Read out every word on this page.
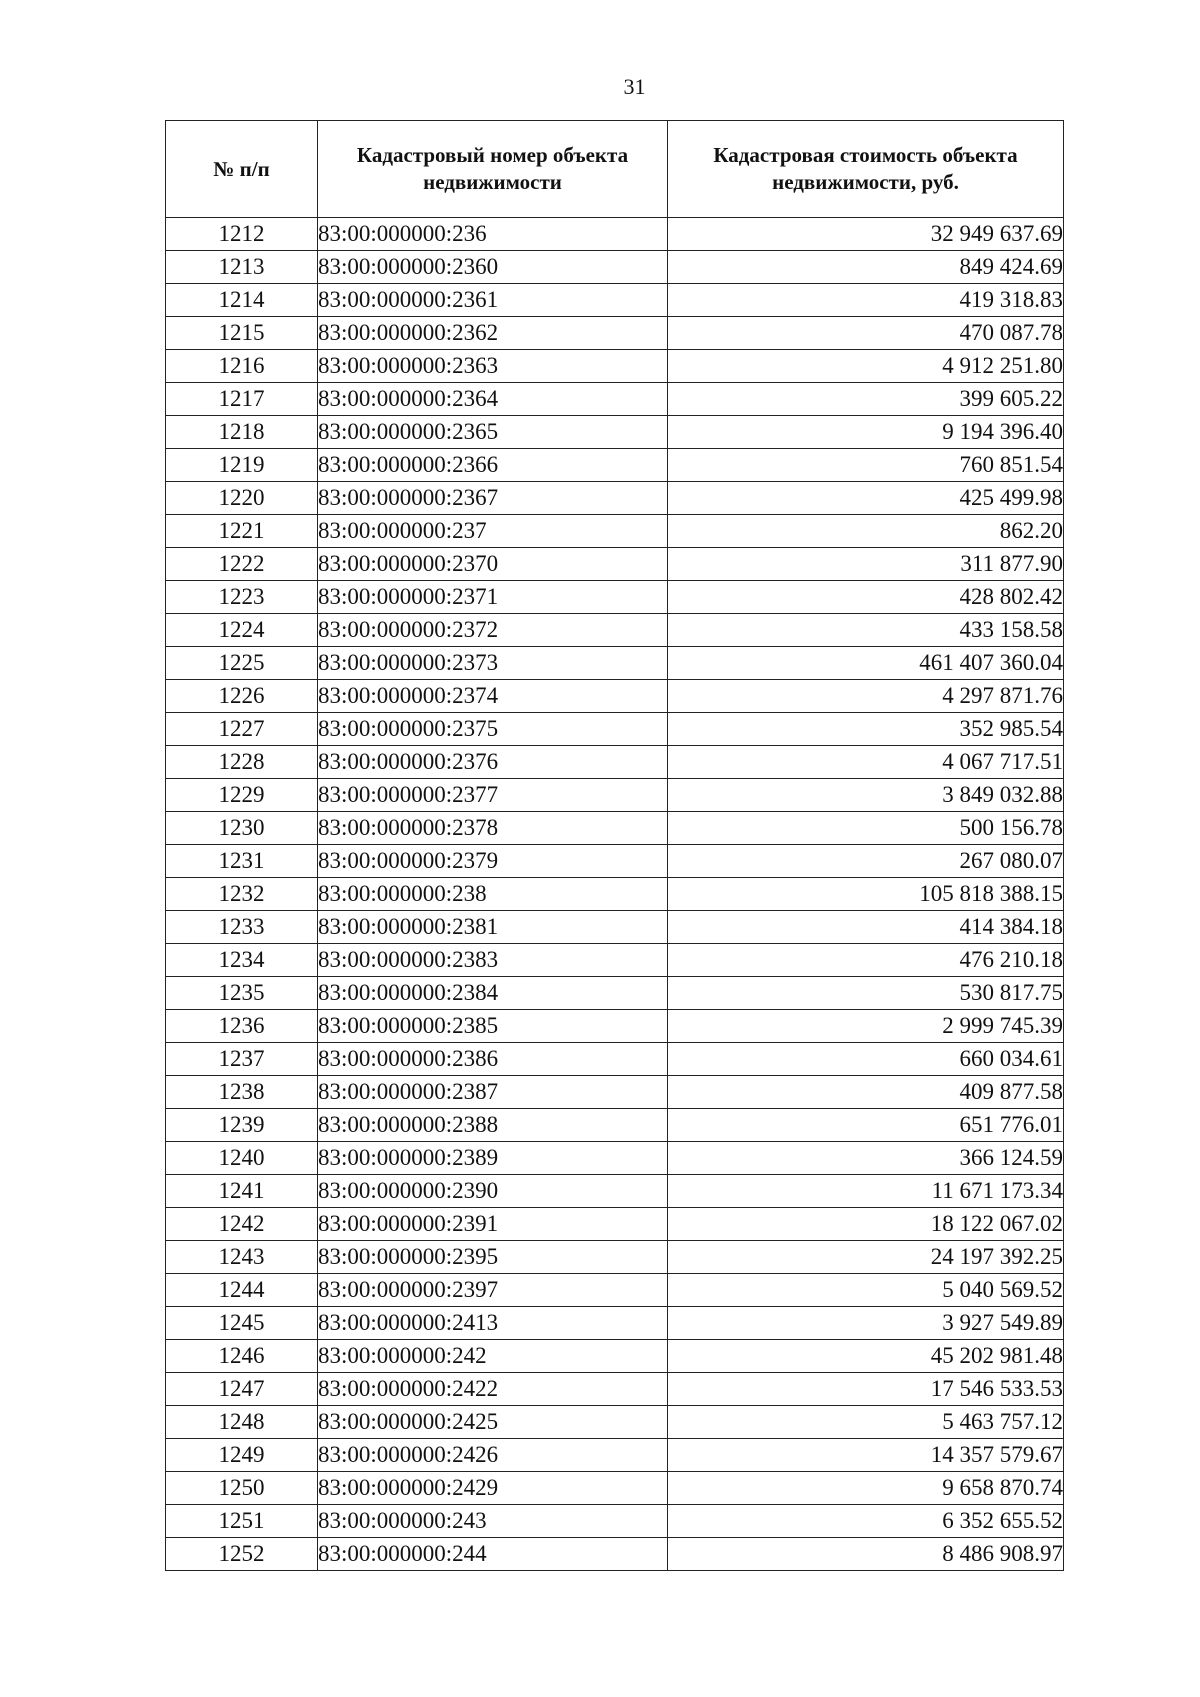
31
№ п/п	Кадастровый номер объекта недвижимости	Кадастровая стоимость объекта недвижимости, руб.
1212	83:00:000000:236	32 949 637.69
1213	83:00:000000:2360	849 424.69
1214	83:00:000000:2361	419 318.83
1215	83:00:000000:2362	470 087.78
1216	83:00:000000:2363	4 912 251.80
1217	83:00:000000:2364	399 605.22
1218	83:00:000000:2365	9 194 396.40
1219	83:00:000000:2366	760 851.54
1220	83:00:000000:2367	425 499.98
1221	83:00:000000:237	862.20
1222	83:00:000000:2370	311 877.90
1223	83:00:000000:2371	428 802.42
1224	83:00:000000:2372	433 158.58
1225	83:00:000000:2373	461 407 360.04
1226	83:00:000000:2374	4 297 871.76
1227	83:00:000000:2375	352 985.54
1228	83:00:000000:2376	4 067 717.51
1229	83:00:000000:2377	3 849 032.88
1230	83:00:000000:2378	500 156.78
1231	83:00:000000:2379	267 080.07
1232	83:00:000000:238	105 818 388.15
1233	83:00:000000:2381	414 384.18
1234	83:00:000000:2383	476 210.18
1235	83:00:000000:2384	530 817.75
1236	83:00:000000:2385	2 999 745.39
1237	83:00:000000:2386	660 034.61
1238	83:00:000000:2387	409 877.58
1239	83:00:000000:2388	651 776.01
1240	83:00:000000:2389	366 124.59
1241	83:00:000000:2390	11 671 173.34
1242	83:00:000000:2391	18 122 067.02
1243	83:00:000000:2395	24 197 392.25
1244	83:00:000000:2397	5 040 569.52
1245	83:00:000000:2413	3 927 549.89
1246	83:00:000000:242	45 202 981.48
1247	83:00:000000:2422	17 546 533.53
1248	83:00:000000:2425	5 463 757.12
1249	83:00:000000:2426	14 357 579.67
1250	83:00:000000:2429	9 658 870.74
1251	83:00:000000:243	6 352 655.52
1252	83:00:000000:244	8 486 908.97
